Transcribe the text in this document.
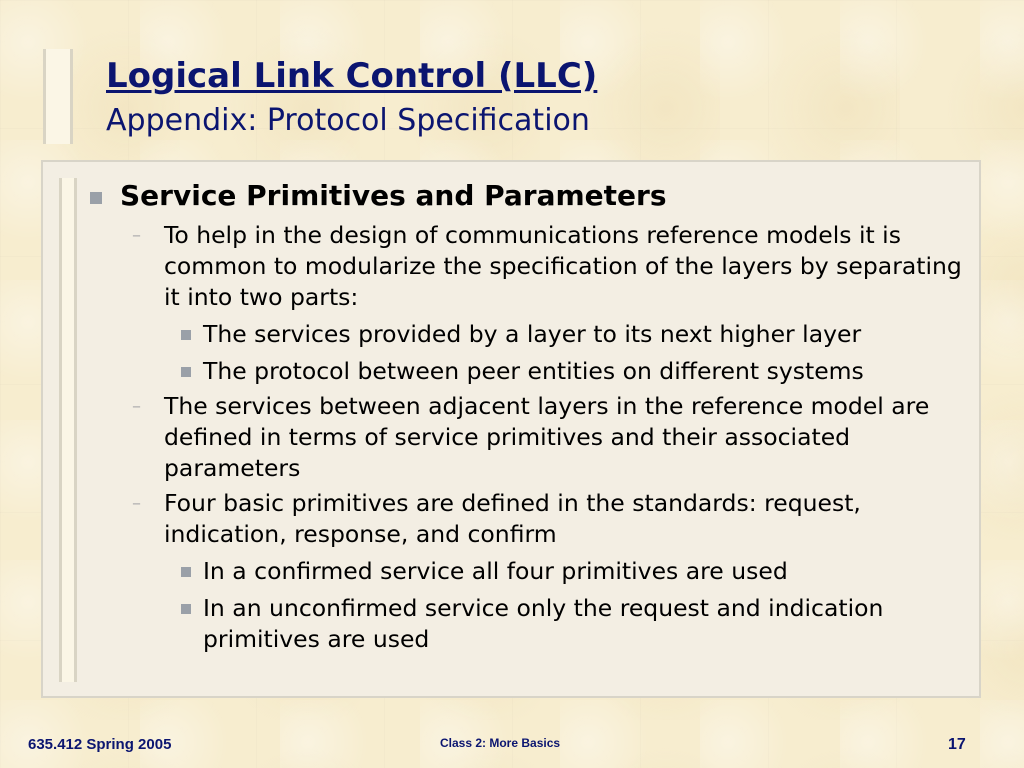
Logical Link Control (LLC)
Appendix: Protocol Specification
Service Primitives and Parameters
– To help in the design of communications reference models it is common to modularize the specification of the layers by separating it into two parts:
The services provided by a layer to its next higher layer
The protocol between peer entities on different systems
– The services between adjacent layers in the reference model are defined in terms of service primitives and their associated parameters
– Four basic primitives are defined in the standards: request, indication, response, and confirm
In a confirmed service all four primitives are used
In an unconfirmed service only the request and indication primitives are used
635.412 Spring 2005	Class 2: More Basics	17
